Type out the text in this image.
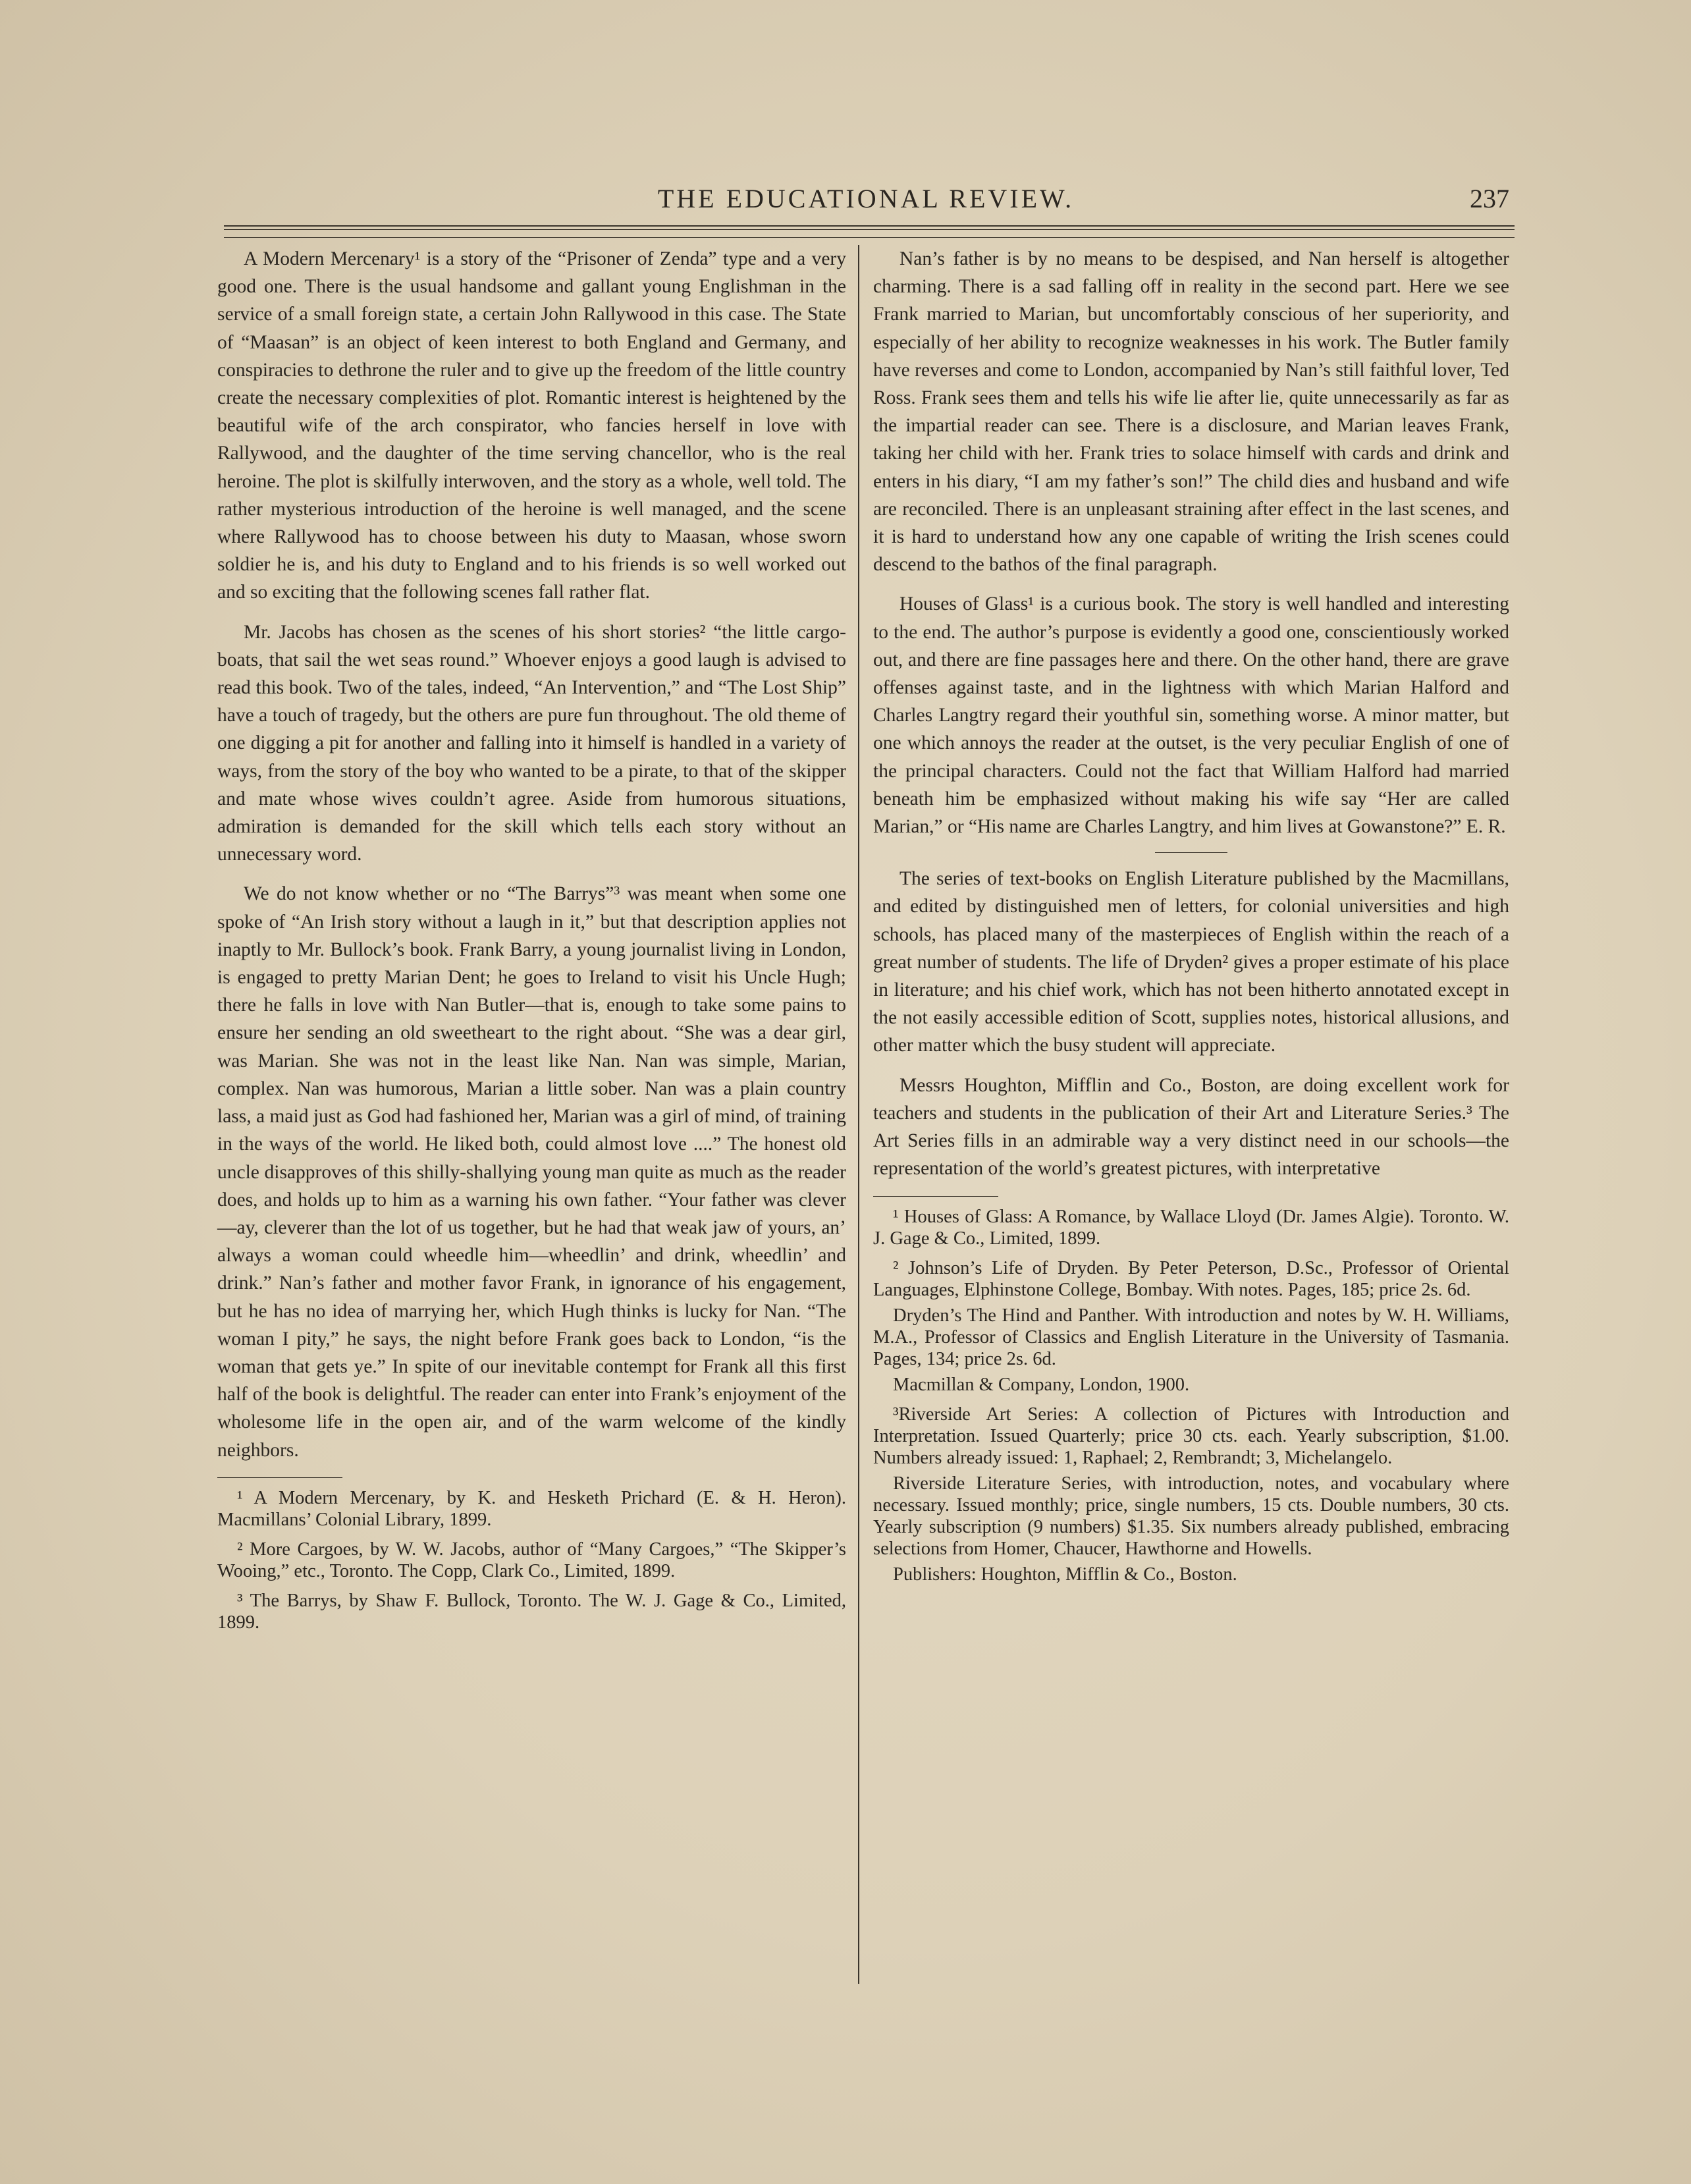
THE EDUCATIONAL REVIEW.	237

A Modern Mercenary¹ is a story of the “Prisoner of Zenda” type and a very good one. There is the usual handsome and gallant young Englishman in the service of a small foreign state, a certain John Rallywood in this case. The State of “Maasan” is an object of keen interest to both England and Germany, and conspiracies to dethrone the ruler and to give up the freedom of the little country create the necessary complexities of plot. Romantic interest is heightened by the beautiful wife of the arch conspirator, who fancies herself in love with Rallywood, and the daughter of the time serving chancellor, who is the real heroine. The plot is skilfully interwoven, and the story as a whole, well told. The rather mysterious introduction of the heroine is well managed, and the scene where Rallywood has to choose between his duty to Maasan, whose sworn soldier he is, and his duty to England and to his friends is so well worked out and so exciting that the following scenes fall rather flat.

Mr. Jacobs has chosen as the scenes of his short stories² “the little cargo-boats, that sail the wet seas round.” Whoever enjoys a good laugh is advised to read this book. Two of the tales, indeed, “An Intervention,” and “The Lost Ship” have a touch of tragedy, but the others are pure fun throughout. The old theme of one digging a pit for another and falling into it himself is handled in a variety of ways, from the story of the boy who wanted to be a pirate, to that of the skipper and mate whose wives couldn’t agree. Aside from humorous situations, admiration is demanded for the skill which tells each story without an unnecessary word.

We do not know whether or no “The Barrys”³ was meant when some one spoke of “An Irish story without a laugh in it,” but that description applies not inaptly to Mr. Bullock’s book. Frank Barry, a young journalist living in London, is engaged to pretty Marian Dent; he goes to Ireland to visit his Uncle Hugh; there he falls in love with Nan Butler—that is, enough to take some pains to ensure her sending an old sweetheart to the right about. “She was a dear girl, was Marian. She was not in the least like Nan. Nan was simple, Marian, complex. Nan was humorous, Marian a little sober. Nan was a plain country lass, a maid just as God had fashioned her, Marian was a girl of mind, of training in the ways of the world. He liked both, could almost love ....” The honest old uncle disapproves of this shilly-shallying young man quite as much as the reader does, and holds up to him as a warning his own father. “Your father was clever—ay, cleverer than the lot of us together, but he had that weak jaw of yours, an’ always a woman could wheedle him—wheedlin’ and drink, wheedlin’ and drink.” Nan’s father and mother favor Frank, in ignorance of his engagement, but he has no idea of marrying her, which Hugh thinks is lucky for Nan. “The woman I pity,” he says, the night before Frank goes back to London, “is the woman that gets ye.” In spite of our inevitable contempt for Frank all this first half of the book is delightful. The reader can enter into Frank’s enjoyment of the wholesome life in the open air, and of the warm welcome of the kindly neighbors.

¹ A Modern Mercenary, by K. and Hesketh Prichard (E. & H. Heron). Macmillans’ Colonial Library, 1899.

² More Cargoes, by W. W. Jacobs, author of “Many Cargoes,” “The Skipper’s Wooing,” etc., Toronto. The Copp, Clark Co., Limited, 1899.

³ The Barrys, by Shaw F. Bullock, Toronto. The W. J. Gage & Co., Limited, 1899.

Nan’s father is by no means to be despised, and Nan herself is altogether charming. There is a sad falling off in reality in the second part. Here we see Frank married to Marian, but uncomfortably conscious of her superiority, and especially of her ability to recognize weaknesses in his work. The Butler family have reverses and come to London, accompanied by Nan’s still faithful lover, Ted Ross. Frank sees them and tells his wife lie after lie, quite unnecessarily as far as the impartial reader can see. There is a disclosure, and Marian leaves Frank, taking her child with her. Frank tries to solace himself with cards and drink and enters in his diary, “I am my father’s son!” The child dies and husband and wife are reconciled. There is an unpleasant straining after effect in the last scenes, and it is hard to understand how any one capable of writing the Irish scenes could descend to the bathos of the final paragraph.

Houses of Glass¹ is a curious book. The story is well handled and interesting to the end. The author’s purpose is evidently a good one, conscientiously worked out, and there are fine passages here and there. On the other hand, there are grave offenses against taste, and in the lightness with which Marian Halford and Charles Langtry regard their youthful sin, something worse. A minor matter, but one which annoys the reader at the outset, is the very peculiar English of one of the principal characters. Could not the fact that William Halford had married beneath him be emphasized without making his wife say “Her are called Marian,” or “His name are Charles Langtry, and him lives at Gowanstone?” E. R.

The series of text-books on English Literature published by the Macmillans, and edited by distinguished men of letters, for colonial universities and high schools, has placed many of the masterpieces of English within the reach of a great number of students. The life of Dryden² gives a proper estimate of his place in literature; and his chief work, which has not been hitherto annotated except in the not easily accessible edition of Scott, supplies notes, historical allusions, and other matter which the busy student will appreciate.

Messrs Houghton, Mifflin and Co., Boston, are doing excellent work for teachers and students in the publication of their Art and Literature Series.³ The Art Series fills in an admirable way a very distinct need in our schools—the representation of the world’s greatest pictures, with interpretative

¹ Houses of Glass: A Romance, by Wallace Lloyd (Dr. James Algie). Toronto. W. J. Gage & Co., Limited, 1899.

² Johnson’s Life of Dryden. By Peter Peterson, D.Sc., Professor of Oriental Languages, Elphinstone College, Bombay. With notes. Pages, 185; price 2s. 6d.

Dryden’s The Hind and Panther. With introduction and notes by W. H. Williams, M.A., Professor of Classics and English Literature in the University of Tasmania. Pages, 134; price 2s. 6d.

Macmillan & Company, London, 1900.

³Riverside Art Series: A collection of Pictures with Introduction and Interpretation. Issued Quarterly; price 30 cts. each. Yearly subscription, $1.00. Numbers already issued: 1, Raphael; 2, Rembrandt; 3, Michelangelo.

Riverside Literature Series, with introduction, notes, and vocabulary where necessary. Issued monthly; price, single numbers, 15 cts. Double numbers, 30 cts. Yearly subscription (9 numbers) $1.35. Six numbers already published, embracing selections from Homer, Chaucer, Hawthorne and Howells.

Publishers: Houghton, Mifflin & Co., Boston.
